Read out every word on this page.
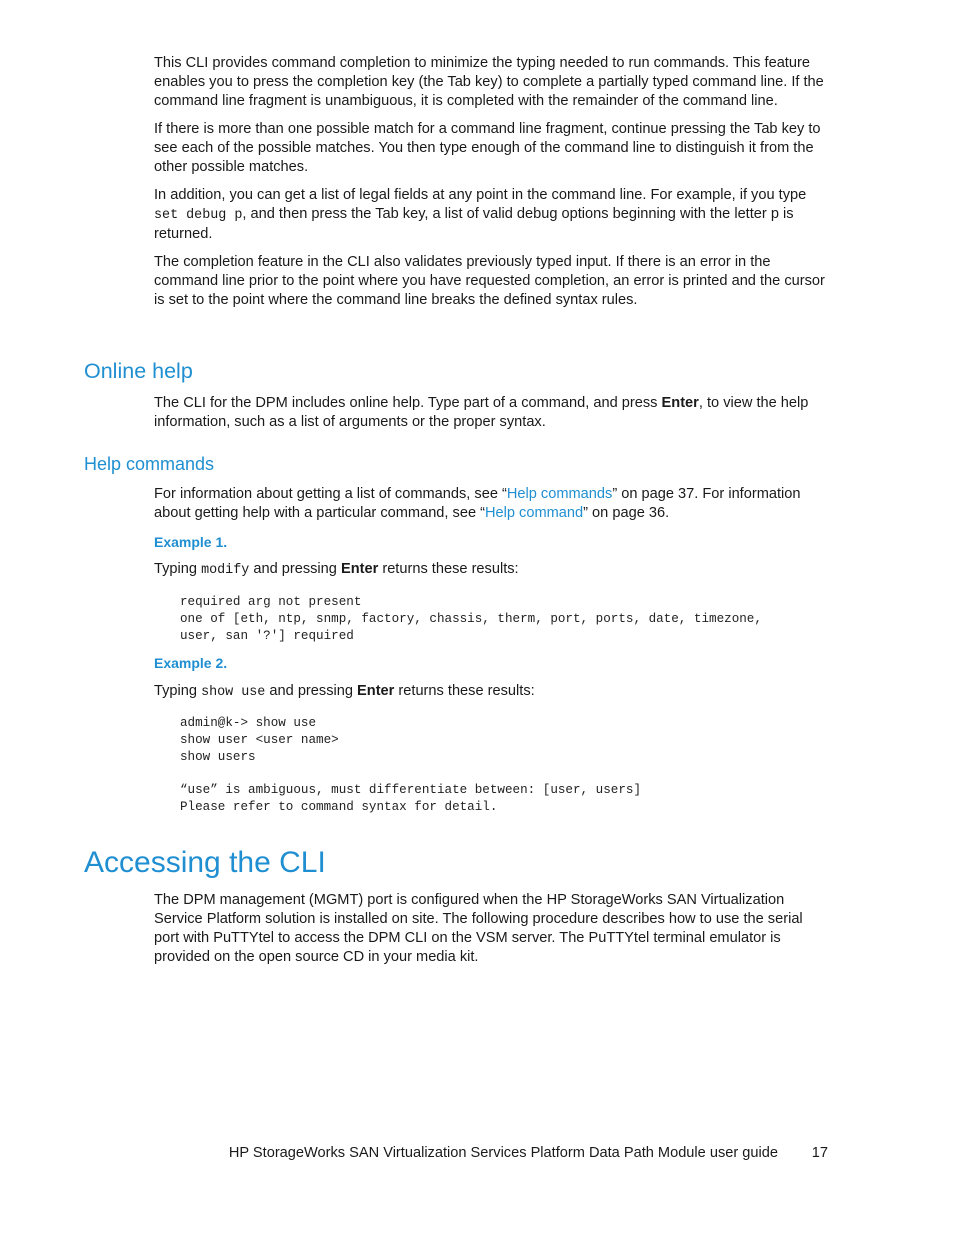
This CLI provides command completion to minimize the typing needed to run commands. This feature enables you to press the completion key (the Tab key) to complete a partially typed command line. If the command line fragment is unambiguous, it is completed with the remainder of the command line.

If there is more than one possible match for a command line fragment, continue pressing the Tab key to see each of the possible matches. You then type enough of the command line to distinguish it from the other possible matches.

In addition, you can get a list of legal fields at any point in the command line. For example, if you type set debug p, and then press the Tab key, a list of valid debug options beginning with the letter p is returned.

The completion feature in the CLI also validates previously typed input. If there is an error in the command line prior to the point where you have requested completion, an error is printed and the cursor is set to the point where the command line breaks the defined syntax rules.

Online help

The CLI for the DPM includes online help. Type part of a command, and press Enter, to view the help information, such as a list of arguments or the proper syntax.

Help commands

For information about getting a list of commands, see “Help commands” on page 37. For information about getting help with a particular command, see “Help command” on page 36.

Example 1.

Typing modify and pressing Enter returns these results:

required arg not present
one of [eth, ntp, snmp, factory, chassis, therm, port, ports, date, timezone,
user, san '?'] required
Example 2.

Typing show use and pressing Enter returns these results:

admin@k-> show use
show user <user name>
show users

“use” is ambiguous, must differentiate between: [user, users]
Please refer to command syntax for detail.
Accessing the CLI
The DPM management (MGMT) port is configured when the HP StorageWorks SAN Virtualization Service Platform solution is installed on site. The following procedure describes how to use the serial port with PuTTYtel to access the DPM CLI on the VSM server. The PuTTYtel terminal emulator is provided on the open source CD in your media kit.
HP StorageWorks SAN Virtualization Services Platform Data Path Module user guide 17
